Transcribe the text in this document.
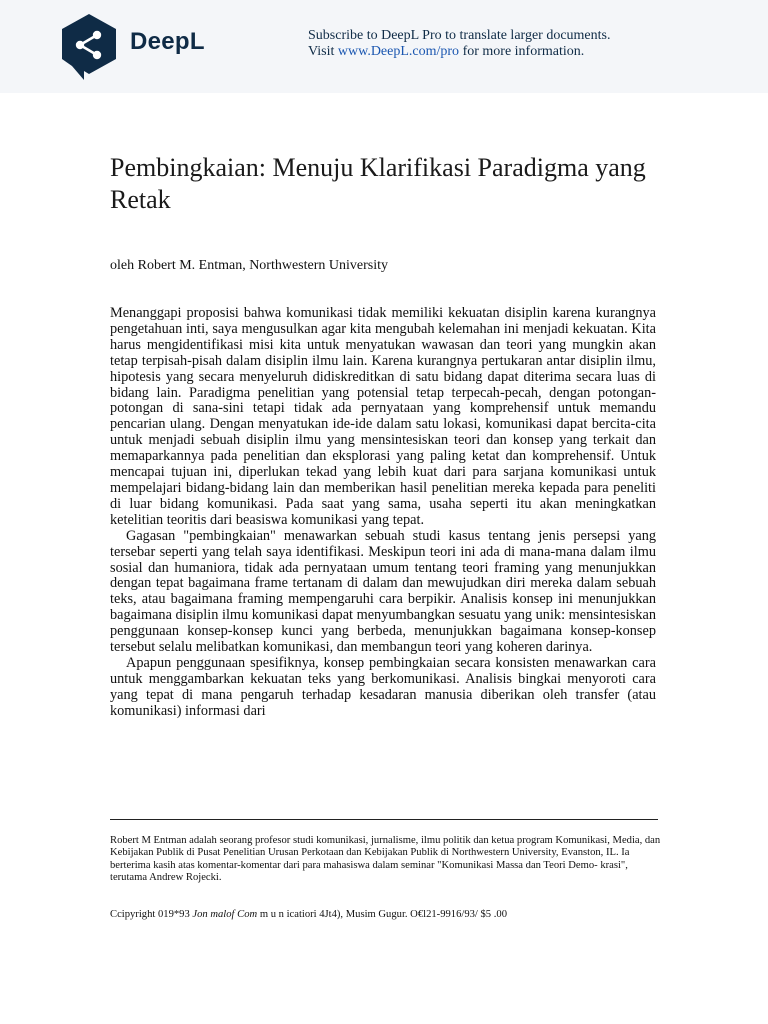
DeepL	Subscribe to DeepL Pro to translate larger documents.
Visit www.DeepL.com/pro for more information.
Pembingkaian: Menuju Klarifikasi Paradigma yang Retak
oleh Robert M. Entman, Northwestern University

Menanggapi proposisi bahwa komunikasi tidak memiliki kekuatan disiplin karena kurangnya pengetahuan inti, saya mengusulkan agar kita mengubah kelemahan ini menjadi kekuatan. Kita harus mengidentifikasi misi kita untuk menyatukan wawasan dan teori yang mungkin akan tetap terpisah-pisah dalam disiplin ilmu lain. Karena kurangnya pertukaran antar disiplin ilmu, hipotesis yang secara menyeluruh didiskreditkan di satu bidang dapat diterima secara luas di bidang lain. Paradigma penelitian yang potensial tetap terpecah-pecah, dengan potongan-potongan di sana-sini tetapi tidak ada pernyataan yang komprehensif untuk memandu pencarian ulang. Dengan menyatukan ide-ide dalam satu lokasi, komunikasi dapat bercita-cita untuk menjadi sebuah disiplin ilmu yang mensintesiskan teori dan konsep yang terkait dan memaparkannya pada penelitian dan eksplorasi yang paling ketat dan komprehensif. Untuk mencapai tujuan ini, diperlukan tekad yang lebih kuat dari para sarjana komunikasi untuk mempelajari bidang-bidang lain dan memberikan hasil penelitian mereka kepada para peneliti di luar bidang komunikasi. Pada saat yang sama, usaha seperti itu akan meningkatkan ketelitian teoritis dari beasiswa komunikasi yang tepat.

Gagasan "pembingkaian" menawarkan sebuah studi kasus tentang jenis persepsi yang tersebar seperti yang telah saya identifikasi. Meskipun teori ini ada di mana-mana dalam ilmu sosial dan humaniora, tidak ada pernyataan umum tentang teori framing yang menunjukkan dengan tepat bagaimana frame tertanam di dalam dan mewujudkan diri mereka dalam sebuah teks, atau bagaimana framing mempengaruhi cara berpikir. Analisis konsep ini menunjukkan bagaimana disiplin ilmu komunikasi dapat menyumbangkan sesuatu yang unik: mensintesiskan penggunaan konsep-konsep kunci yang berbeda, menunjukkan bagaimana konsep-konsep tersebut selalu melibatkan komunikasi, dan membangun teori yang koheren darinya.

Apapun penggunaan spesifiknya, konsep pembingkaian secara konsisten menawarkan cara untuk menggambarkan kekuatan teks yang berkomunikasi. Analisis bingkai menyoroti cara yang tepat di mana pengaruh terhadap kesadaran manusia diberikan oleh transfer (atau komunikasi) informasi dari

Robert M Entman adalah seorang profesor studi komunikasi, jurnalisme, ilmu politik dan ketua program Komunikasi, Media, dan Kebijakan Publik di Pusat Penelitian Urusan Perkotaan dan Kebijakan Publik di Northwestern University, Evanston, IL. Ia berterima kasih atas komentar-komentar dari para mahasiswa dalam seminar "Komunikasi Massa dan Teori Demo- krasi", terutama Andrew Rojecki.

Ccipyright 019*93 Jon malof Com m u n icatiori 4Jt4), Musim Gugur. O€l21-9916/93/ $5 .00
